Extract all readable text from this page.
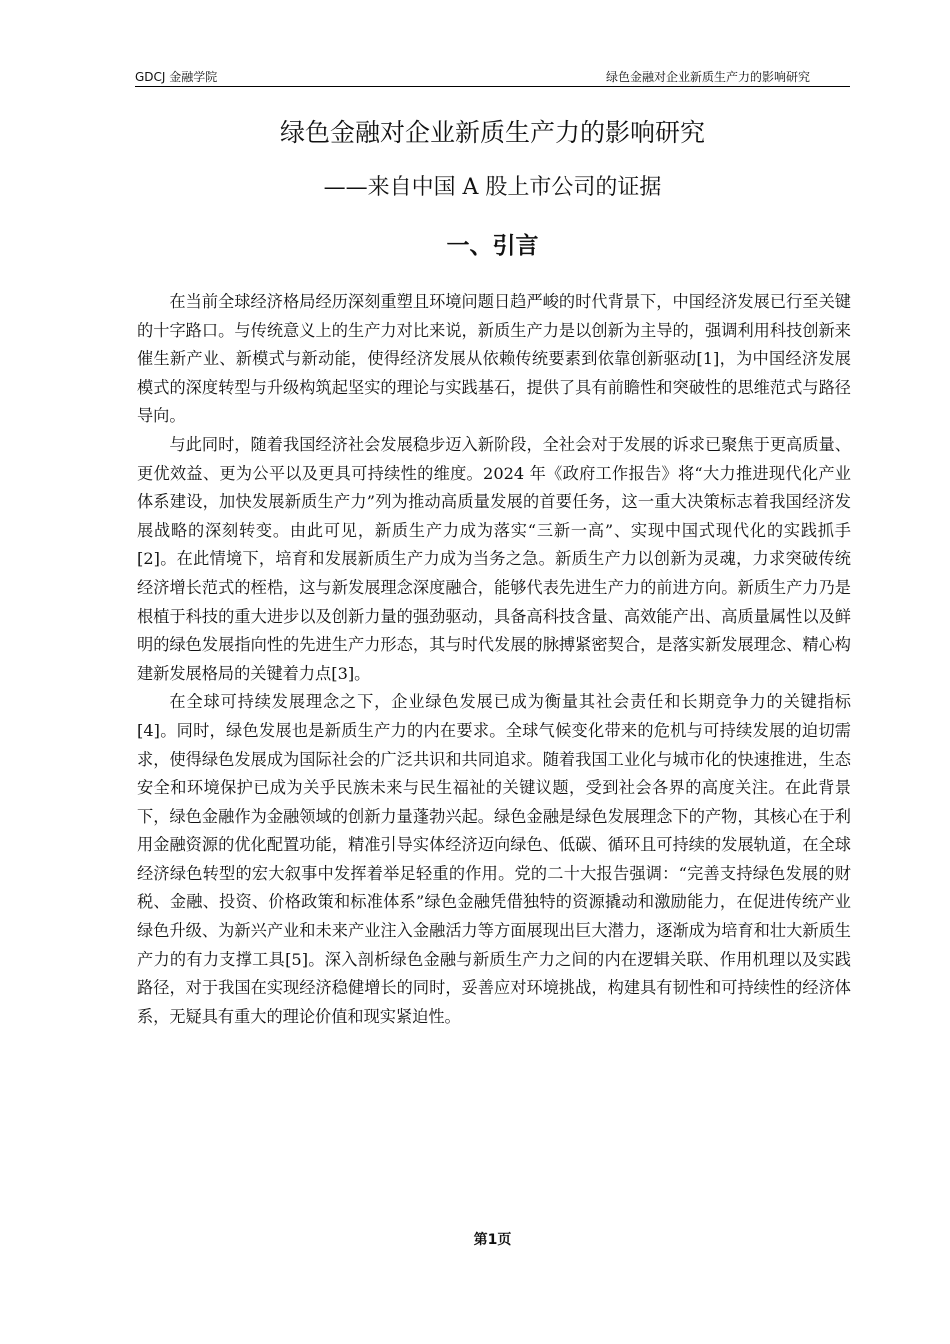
GDCJ 金融学院	绿色金融对企业新质生产力的影响研究
绿色金融对企业新质生产力的影响研究
——来自中国 A 股上市公司的证据
一、引言

在当前全球经济格局经历深刻重塑且环境问题日趋严峻的时代背景下，中国经济发展已行至关键的十字路口。与传统意义上的生产力对比来说，新质生产力是以创新为主导的，强调利用科技创新来催生新产业、新模式与新动能，使得经济发展从依赖传统要素到依靠创新驱动[1]，为中国经济发展模式的深度转型与升级构筑起坚实的理论与实践基石，提供了具有前瞻性和突破性的思维范式与路径导向。

与此同时，随着我国经济社会发展稳步迈入新阶段，全社会对于发展的诉求已聚焦于更高质量、更优效益、更为公平以及更具可持续性的维度。2024 年《政府工作报告》将“大力推进现代化产业体系建设，加快发展新质生产力”列为推动高质量发展的首要任务，这一重大决策标志着我国经济发展战略的深刻转变。由此可见，新质生产力成为落实“三新一高”、实现中国式现代化的实践抓手[2]。在此情境下，培育和发展新质生产力成为当务之急。新质生产力以创新为灵魂，力求突破传统经济增长范式的桎梏，这与新发展理念深度融合，能够代表先进生产力的前进方向。新质生产力乃是根植于科技的重大进步以及创新力量的强劲驱动，具备高科技含量、高效能产出、高质量属性以及鲜明的绿色发展指向性的先进生产力形态，其与时代发展的脉搏紧密契合，是落实新发展理念、精心构建新发展格局的关键着力点[3]。

在全球可持续发展理念之下，企业绿色发展已成为衡量其社会责任和长期竞争力的关键指标[4]。同时，绿色发展也是新质生产力的内在要求。全球气候变化带来的危机与可持续发展的迫切需求，使得绿色发展成为国际社会的广泛共识和共同追求。随着我国工业化与城市化的快速推进，生态安全和环境保护已成为关乎民族未来与民生福祉的关键议题，受到社会各界的高度关注。在此背景下，绿色金融作为金融领域的创新力量蓬勃兴起。绿色金融是绿色发展理念下的产物，其核心在于利用金融资源的优化配置功能，精准引导实体经济迈向绿色、低碳、循环且可持续的发展轨道，在全球经济绿色转型的宏大叙事中发挥着举足轻重的作用。党的二十大报告强调：“完善支持绿色发展的财税、金融、投资、价格政策和标准体系”绿色金融凭借独特的资源撬动和激励能力，在促进传统产业绿色升级、为新兴产业和未来产业注入金融活力等方面展现出巨大潜力，逐渐成为培育和壮大新质生产力的有力支撑工具[5]。深入剖析绿色金融与新质生产力之间的内在逻辑关联、作用机理以及实践路径，对于我国在实现经济稳健增长的同时，妥善应对环境挑战，构建具有韧性和可持续性的经济体系，无疑具有重大的理论价值和现实紧迫性。

第1页
